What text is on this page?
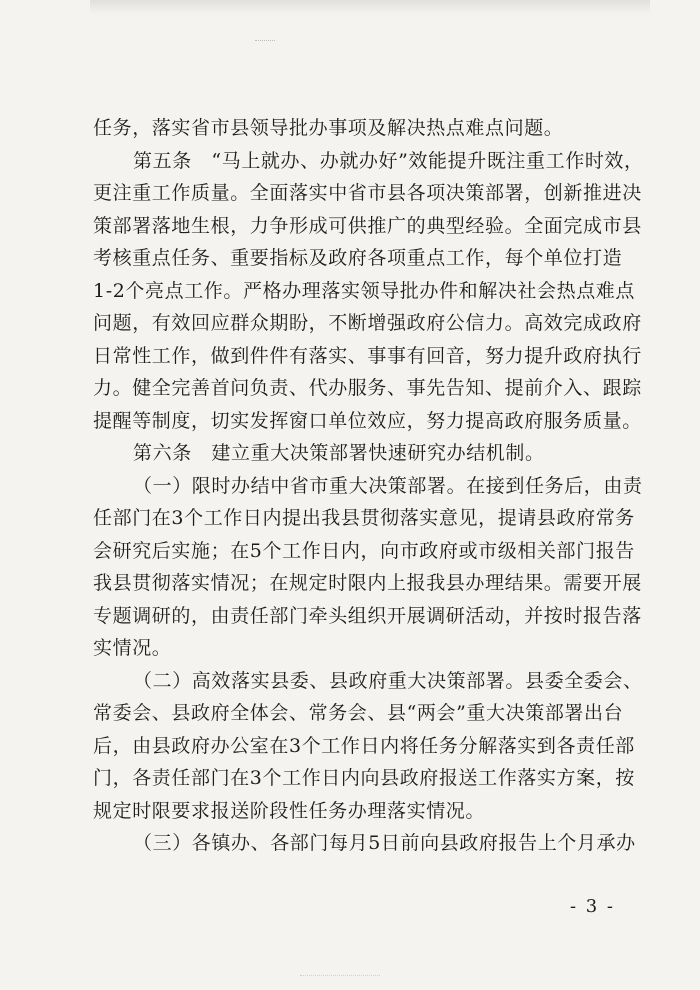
任务，落实省市县领导批办事项及解决热点难点问题。
第五条　“马上就办、办就办好”效能提升既注重工作时效，
更注重工作质量。全面落实中省市县各项决策部署，创新推进决
策部署落地生根，力争形成可供推广的典型经验。全面完成市县
考核重点任务、重要指标及政府各项重点工作，每个单位打造
1-2个亮点工作。严格办理落实领导批办件和解决社会热点难点
问题，有效回应群众期盼，不断增强政府公信力。高效完成政府
日常性工作，做到件件有落实、事事有回音，努力提升政府执行
力。健全完善首问负责、代办服务、事先告知、提前介入、跟踪
提醒等制度，切实发挥窗口单位效应，努力提高政府服务质量。
第六条　建立重大决策部署快速研究办结机制。
（一）限时办结中省市重大决策部署。在接到任务后，由责
任部门在3个工作日内提出我县贯彻落实意见，提请县政府常务
会研究后实施；在5个工作日内，向市政府或市级相关部门报告
我县贯彻落实情况；在规定时限内上报我县办理结果。需要开展
专题调研的，由责任部门牵头组织开展调研活动，并按时报告落
实情况。
（二）高效落实县委、县政府重大决策部署。县委全委会、
常委会、县政府全体会、常务会、县“两会”重大决策部署出台
后，由县政府办公室在3个工作日内将任务分解落实到各责任部
门，各责任部门在3个工作日内向县政府报送工作落实方案，按
规定时限要求报送阶段性任务办理落实情况。
（三）各镇办、各部门每月5日前向县政府报告上个月承办
- 3 -
